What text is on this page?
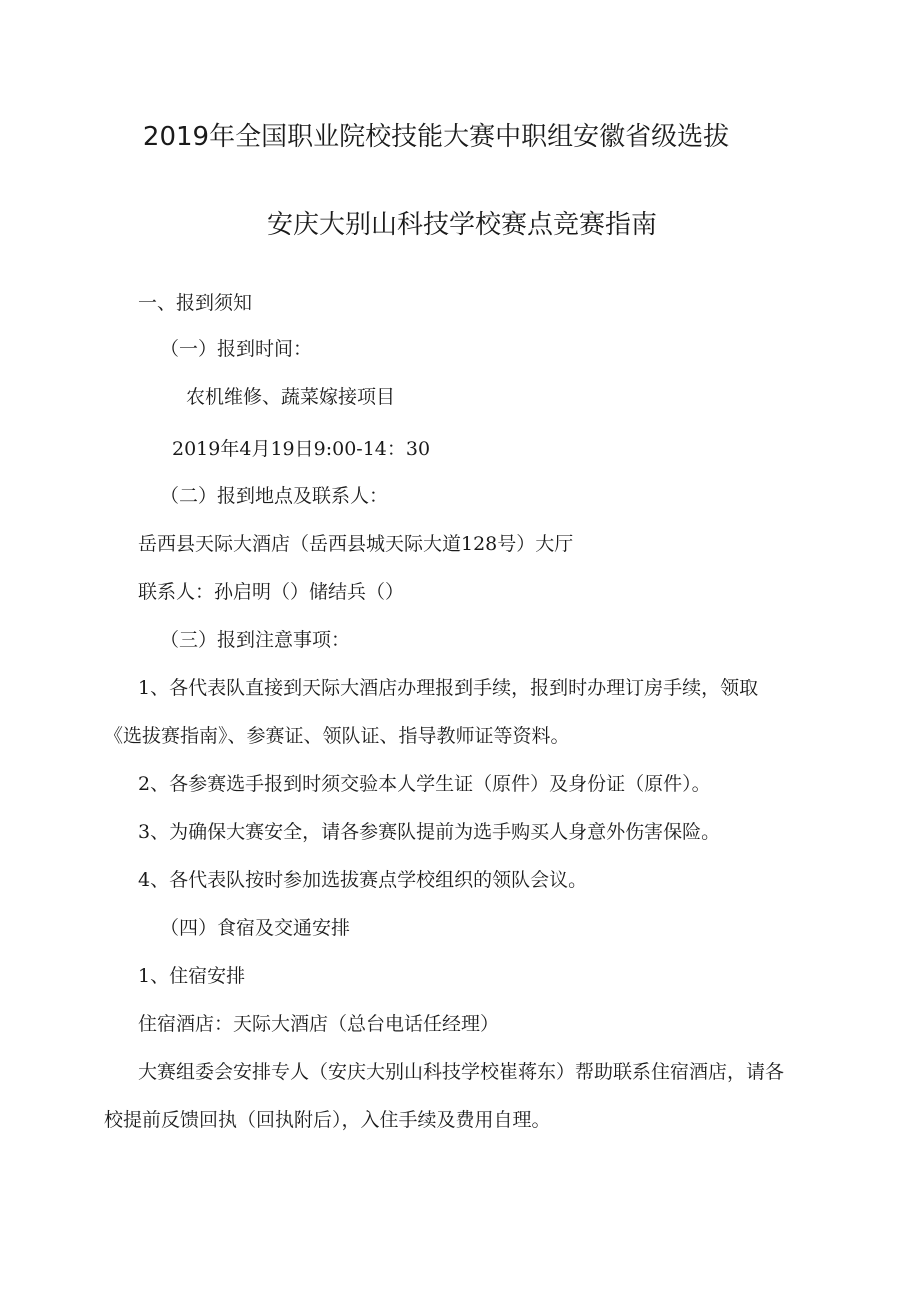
2019年全国职业院校技能大赛中职组安徽省级选拔
安庆大别山科技学校赛点竞赛指南
一、报到须知
（一）报到时间：
农机维修、蔬菜嫁接项目
2019年4月19日9:00-14：30
（二）报到地点及联系人：
岳西县天际大酒店（岳西县城天际大道128号）大厅
联系人：孙启明（）储结兵（）
（三）报到注意事项：
1、各代表队直接到天际大酒店办理报到手续，报到时办理订房手续，领取
《选拔赛指南》、参赛证、领队证、指导教师证等资料。
2、各参赛选手报到时须交验本人学生证（原件）及身份证（原件）。
3、为确保大赛安全，请各参赛队提前为选手购买人身意外伤害保险。
4、各代表队按时参加选拔赛点学校组织的领队会议。
（四）食宿及交通安排
1、住宿安排
住宿酒店：天际大酒店（总台电话任经理）
大赛组委会安排专人（安庆大别山科技学校崔蒋东）帮助联系住宿酒店，请各
校提前反馈回执（回执附后），入住手续及费用自理。
